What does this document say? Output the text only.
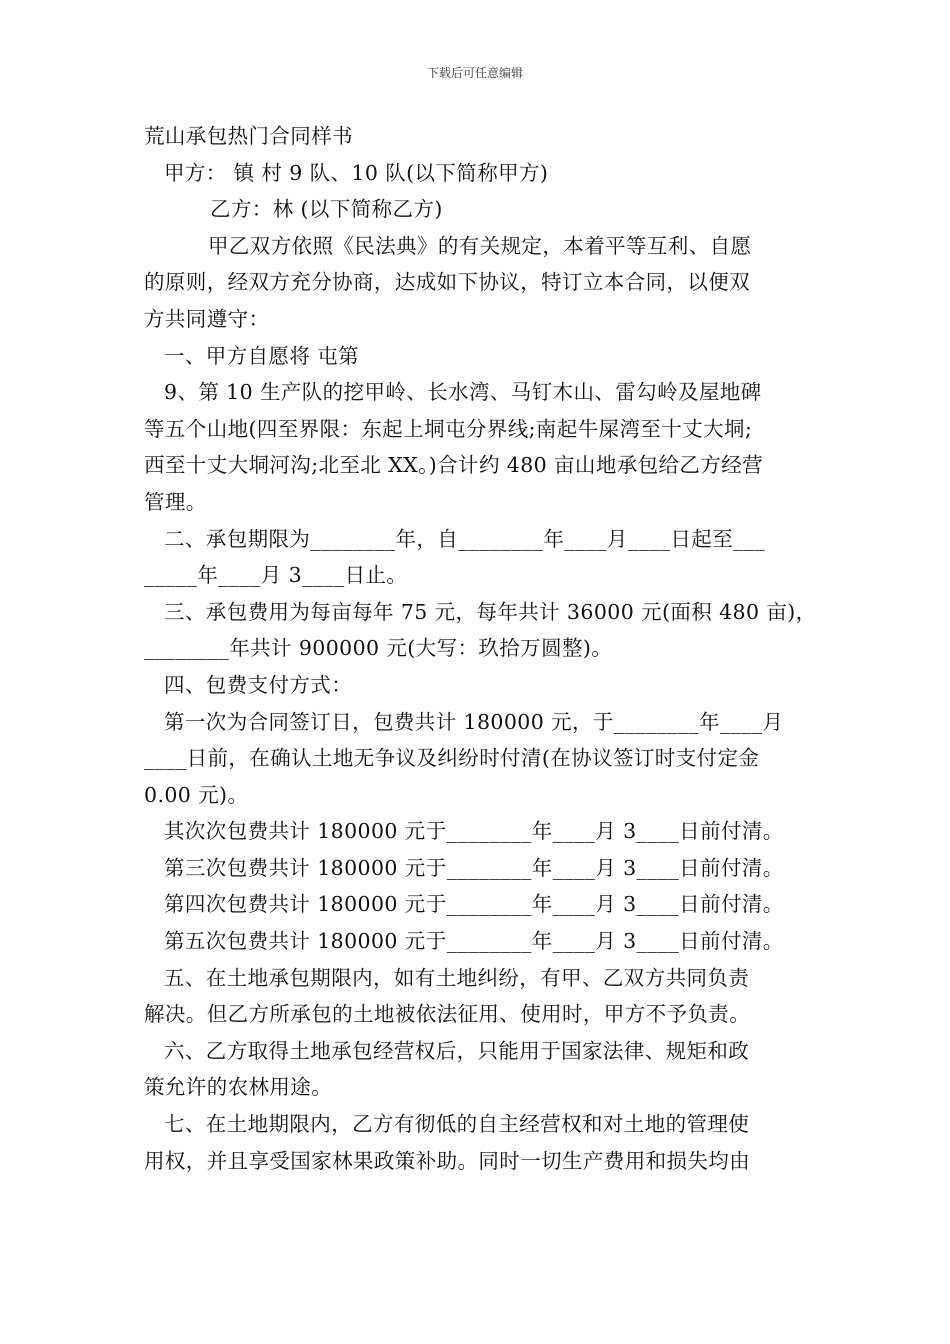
下载后可任意编辑

荒山承包热门合同样书

甲方： 镇 村 9 队、10 队(以下简称甲方)

乙方：林 (以下简称乙方)

甲乙双方依照《民法典》的有关规定，本着平等互利、自愿

的原则，经双方充分协商，达成如下协议，特订立本合同，以便双

方共同遵守：

一、甲方自愿将 屯第

9、第 10 生产队的挖甲岭、长水湾、马钉木山、雷勾岭及屋地碑

等五个山地(四至界限：东起上垌屯分界线;南起牛屎湾至十丈大垌;

西至十丈大垌河沟;北至北 XX。)合计约 480 亩山地承包给乙方经营

管理。

二、承包期限为________年，自________年____月____日起至___

_____年____月 3____日止。

三、承包费用为每亩每年 75 元，每年共计 36000 元(面积 480 亩)，

________年共计 900000 元(大写：玖拾万圆整)。

四、包费支付方式：

第一次为合同签订日，包费共计 180000 元，于________年____月

____日前，在确认土地无争议及纠纷时付清(在协议签订时支付定金

0.00 元)。

其次次包费共计 180000 元于________年____月 3____日前付清。

第三次包费共计 180000 元于________年____月 3____日前付清。

第四次包费共计 180000 元于________年____月 3____日前付清。

第五次包费共计 180000 元于________年____月 3____日前付清。

五、在土地承包期限内，如有土地纠纷，有甲、乙双方共同负责

解决。但乙方所承包的土地被依法征用、使用时，甲方不予负责。

六、乙方取得土地承包经营权后，只能用于国家法律、规矩和政

策允许的农林用途。

七、在土地期限内，乙方有彻低的自主经营权和对土地的管理使

用权，并且享受国家林果政策补助。同时一切生产费用和损失均由
